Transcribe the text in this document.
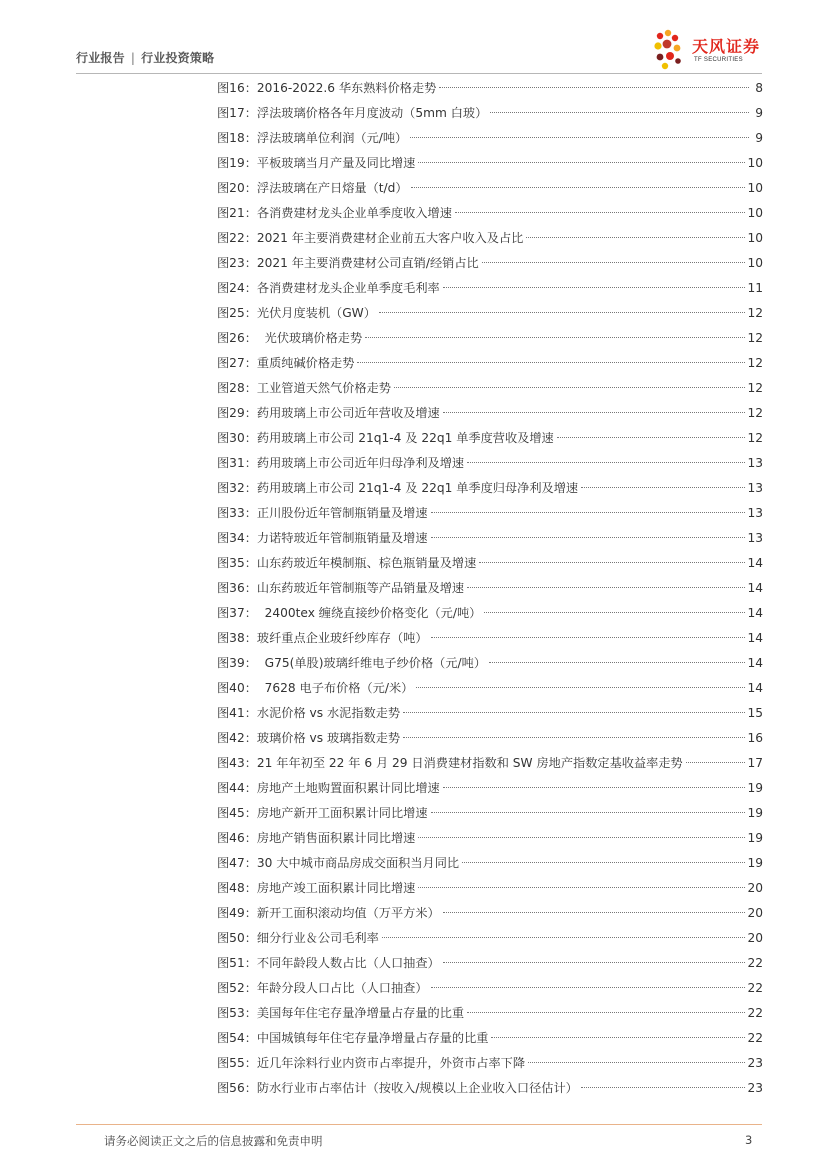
行业报告 | 行业投资策略
天风证券
TF SECURITIES
图16： 2016-2022.6 华东熟料价格走势	8
图17： 浮法玻璃价格各年月度波动（5mm 白玻）	9
图18： 浮法玻璃单位利润（元/吨）	9
图19： 平板玻璃当月产量及同比增速	10
图20： 浮法玻璃在产日熔量（t/d）	10
图21： 各消费建材龙头企业单季度收入增速	10
图22： 2021 年主要消费建材企业前五大客户收入及占比	10
图23： 2021 年主要消费建材公司直销/经销占比	10
图24： 各消费建材龙头企业单季度毛利率	11
图25： 光伏月度装机（GW）	12
图26： 光伏玻璃价格走势	12
图27： 重质纯碱价格走势	12
图28： 工业管道天然气价格走势	12
图29： 药用玻璃上市公司近年营收及增速	12
图30： 药用玻璃上市公司 21q1-4 及 22q1 单季度营收及增速	12
图31： 药用玻璃上市公司近年归母净利及增速	13
图32： 药用玻璃上市公司 21q1-4 及 22q1 单季度归母净利及增速	13
图33： 正川股份近年管制瓶销量及增速	13
图34： 力诺特玻近年管制瓶销量及增速	13
图35： 山东药玻近年模制瓶、棕色瓶销量及增速	14
图36： 山东药玻近年管制瓶等产品销量及增速	14
图37： 2400tex 缠绕直接纱价格变化（元/吨）	14
图38： 玻纤重点企业玻纤纱库存（吨）	14
图39： G75(单股)玻璃纤维电子纱价格（元/吨）	14
图40： 7628 电子布价格（元/米）	14
图41： 水泥价格 vs 水泥指数走势	15
图42： 玻璃价格 vs 玻璃指数走势	16
图43： 21 年年初至 22 年 6 月 29 日消费建材指数和 SW 房地产指数定基收益率走势	17
图44： 房地产土地购置面积累计同比增速	19
图45： 房地产新开工面积累计同比增速	19
图46： 房地产销售面积累计同比增速	19
图47： 30 大中城市商品房成交面积当月同比	19
图48： 房地产竣工面积累计同比增速	20
图49： 新开工面积滚动均值（万平方米）	20
图50： 细分行业＆公司毛利率	20
图51： 不同年龄段人数占比（人口抽查）	22
图52： 年龄分段人口占比（人口抽查）	22
图53： 美国每年住宅存量净增量占存量的比重	22
图54： 中国城镇每年住宅存量净增量占存量的比重	22
图55： 近几年涂料行业内资市占率提升，外资市占率下降	23
图56： 防水行业市占率估计（按收入/规模以上企业收入口径估计）	23
请务必阅读正文之后的信息披露和免责申明	3
